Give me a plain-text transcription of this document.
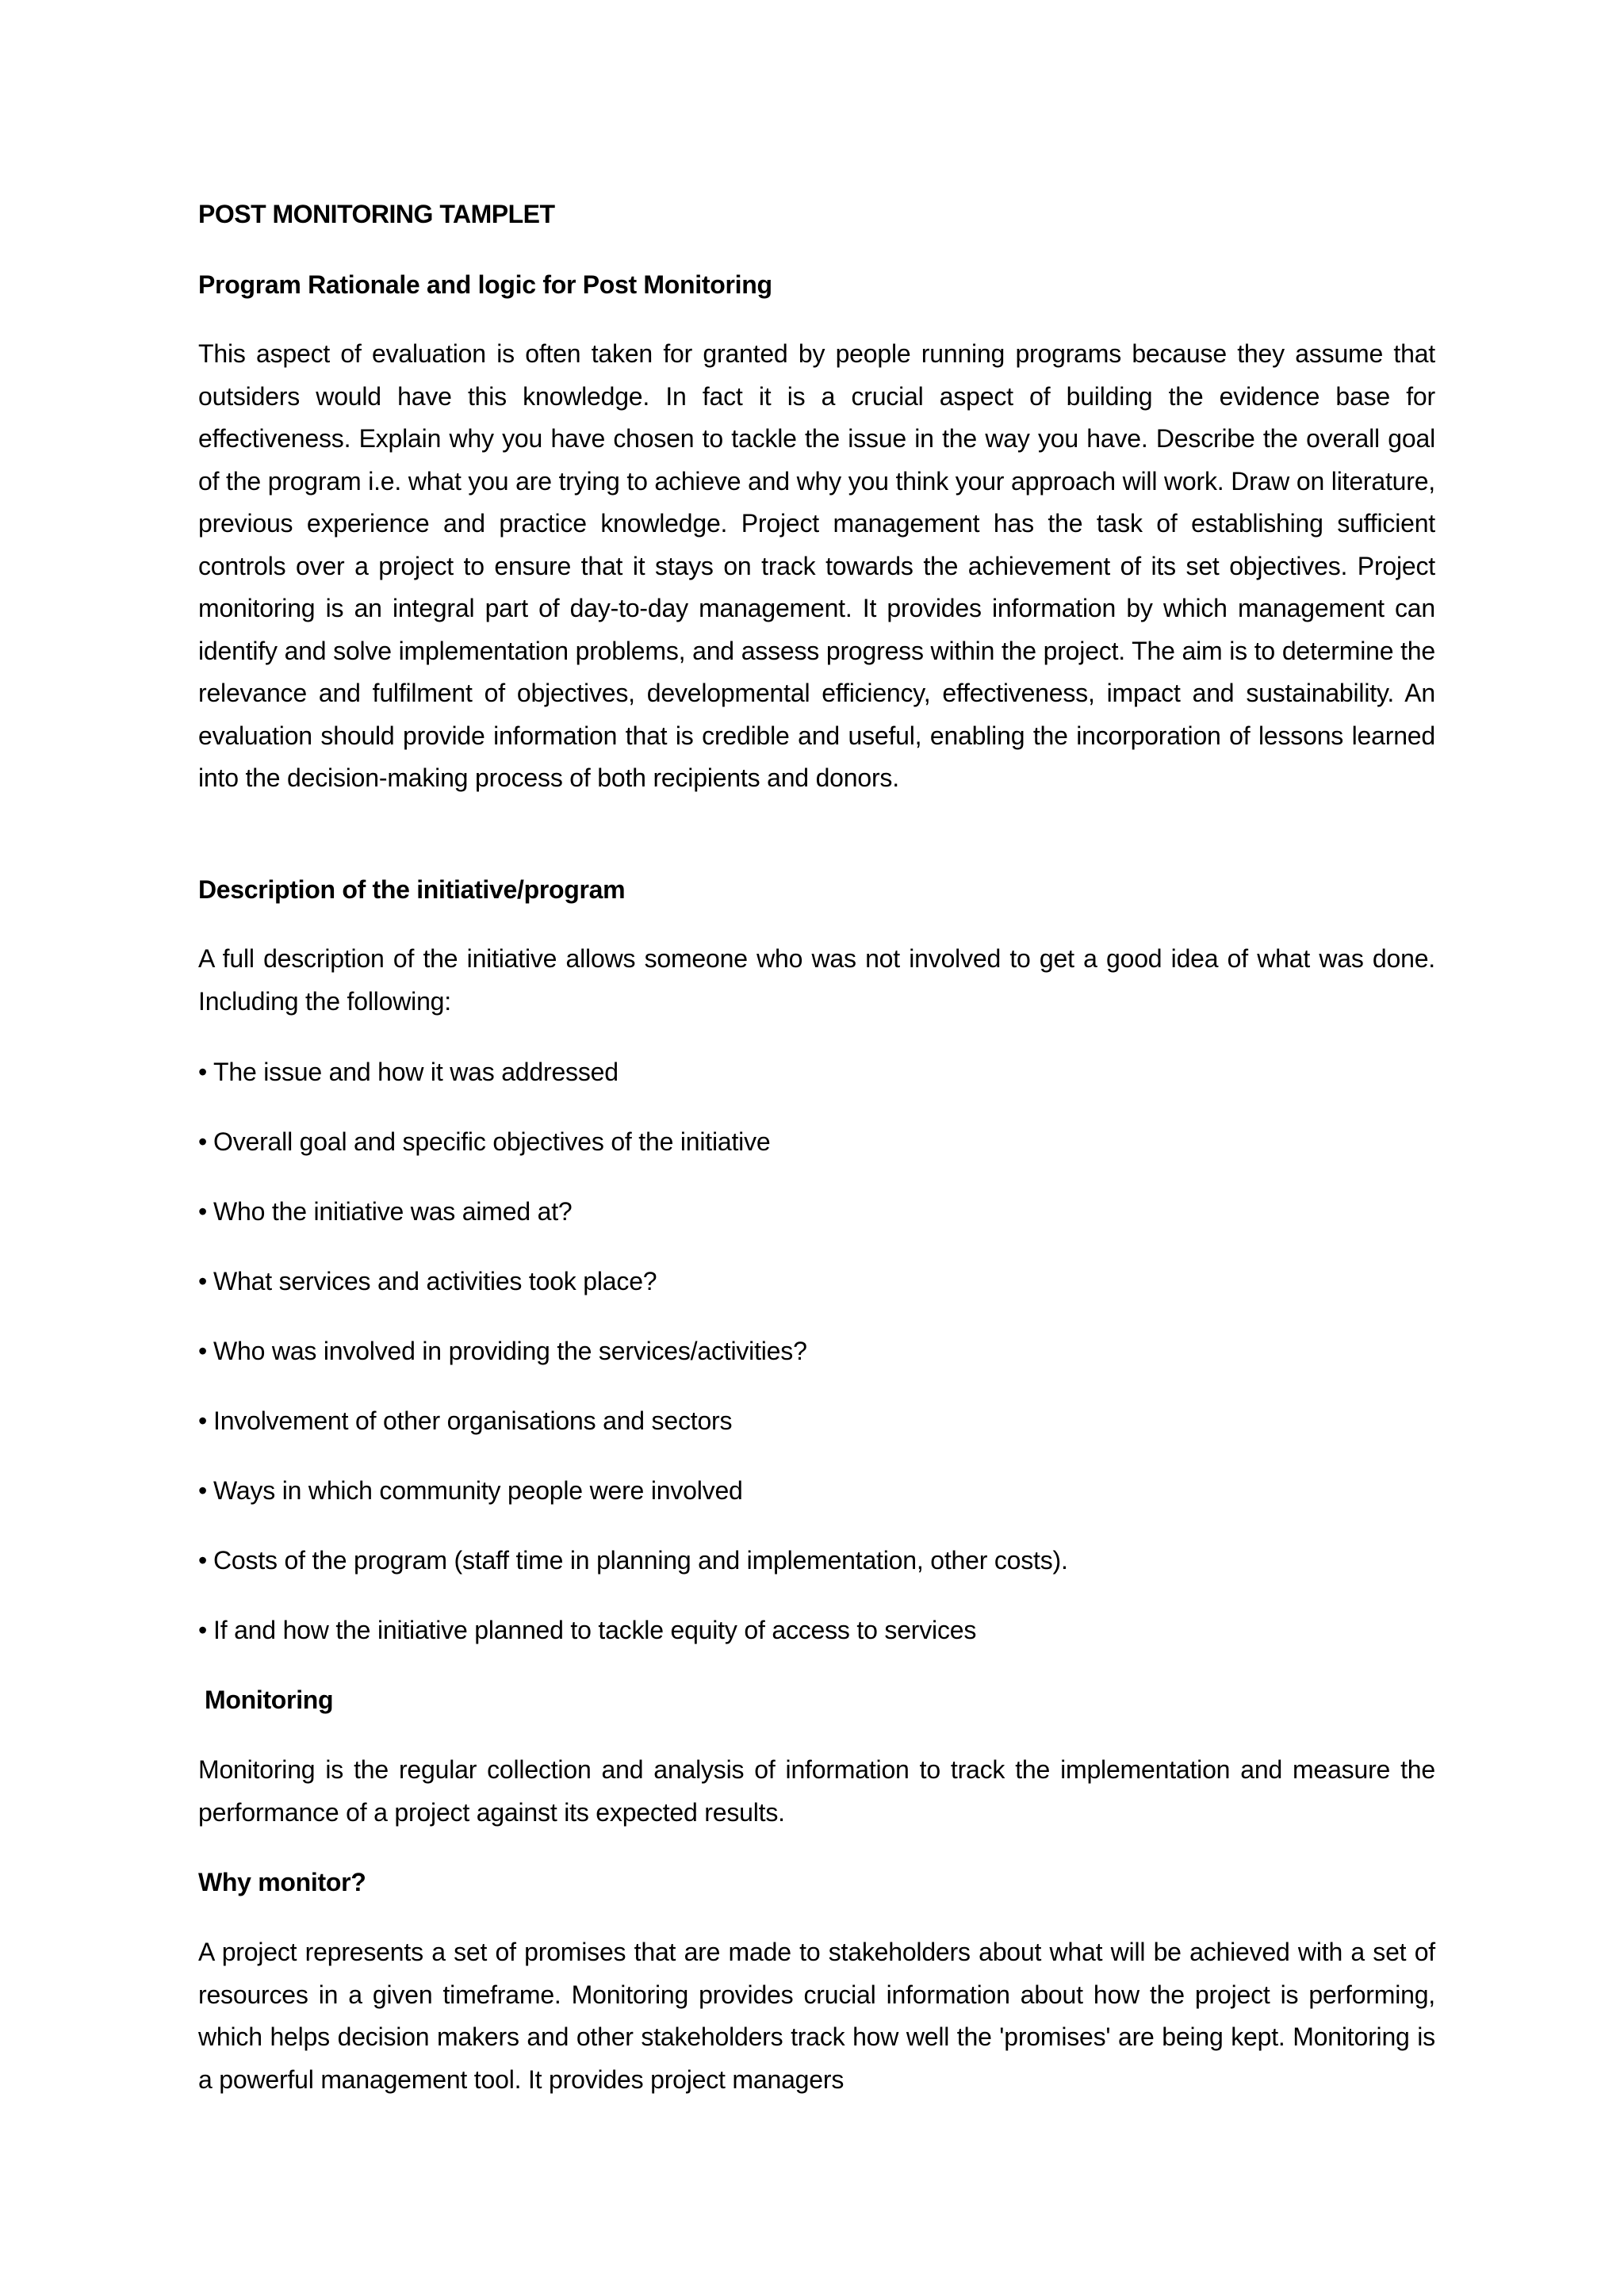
POST MONITORING TAMPLET
Program Rationale and logic for Post Monitoring

This aspect of evaluation is often taken for granted by people running programs because they assume that outsiders would have this knowledge. In fact it is a crucial aspect of building the evidence base for effectiveness. Explain why you have chosen to tackle the issue in the way you have. Describe the overall goal of the program i.e. what you are trying to achieve and why you think your approach will work. Draw on literature, previous experience and practice knowledge. Project management has the task of establishing sufficient controls over a project to ensure that it stays on track towards the achievement of its set objectives. Project monitoring is an integral part of day-to-day management. It provides information by which management can identify and solve implementation problems, and assess progress within the project. The aim is to determine the relevance and fulfilment of objectives, developmental efficiency, effectiveness, impact and sustainability. An evaluation should provide information that is credible and useful, enabling the incorporation of lessons learned into the decision-making process of both recipients and donors.

Description of the initiative/program

A full description of the initiative allows someone who was not involved to get a good idea of what was done. Including the following:

• The issue and how it was addressed
• Overall goal and specific objectives of the initiative
• Who the initiative was aimed at?
• What services and activities took place?
• Who was involved in providing the services/activities?
• Involvement of other organisations and sectors
• Ways in which community people were involved
• Costs of the program (staff time in planning and implementation, other costs).
• If and how the initiative planned to tackle equity of access to services
Monitoring

Monitoring is the regular collection and analysis of information to track the implementation and measure the performance of a project against its expected results.

Why monitor?

A project represents a set of promises that are made to stakeholders about what will be achieved with a set of resources in a given timeframe. Monitoring provides crucial information about how the project is performing, which helps decision makers and other stakeholders track how well the 'promises' are being kept. Monitoring is a powerful management tool. It provides project managers
